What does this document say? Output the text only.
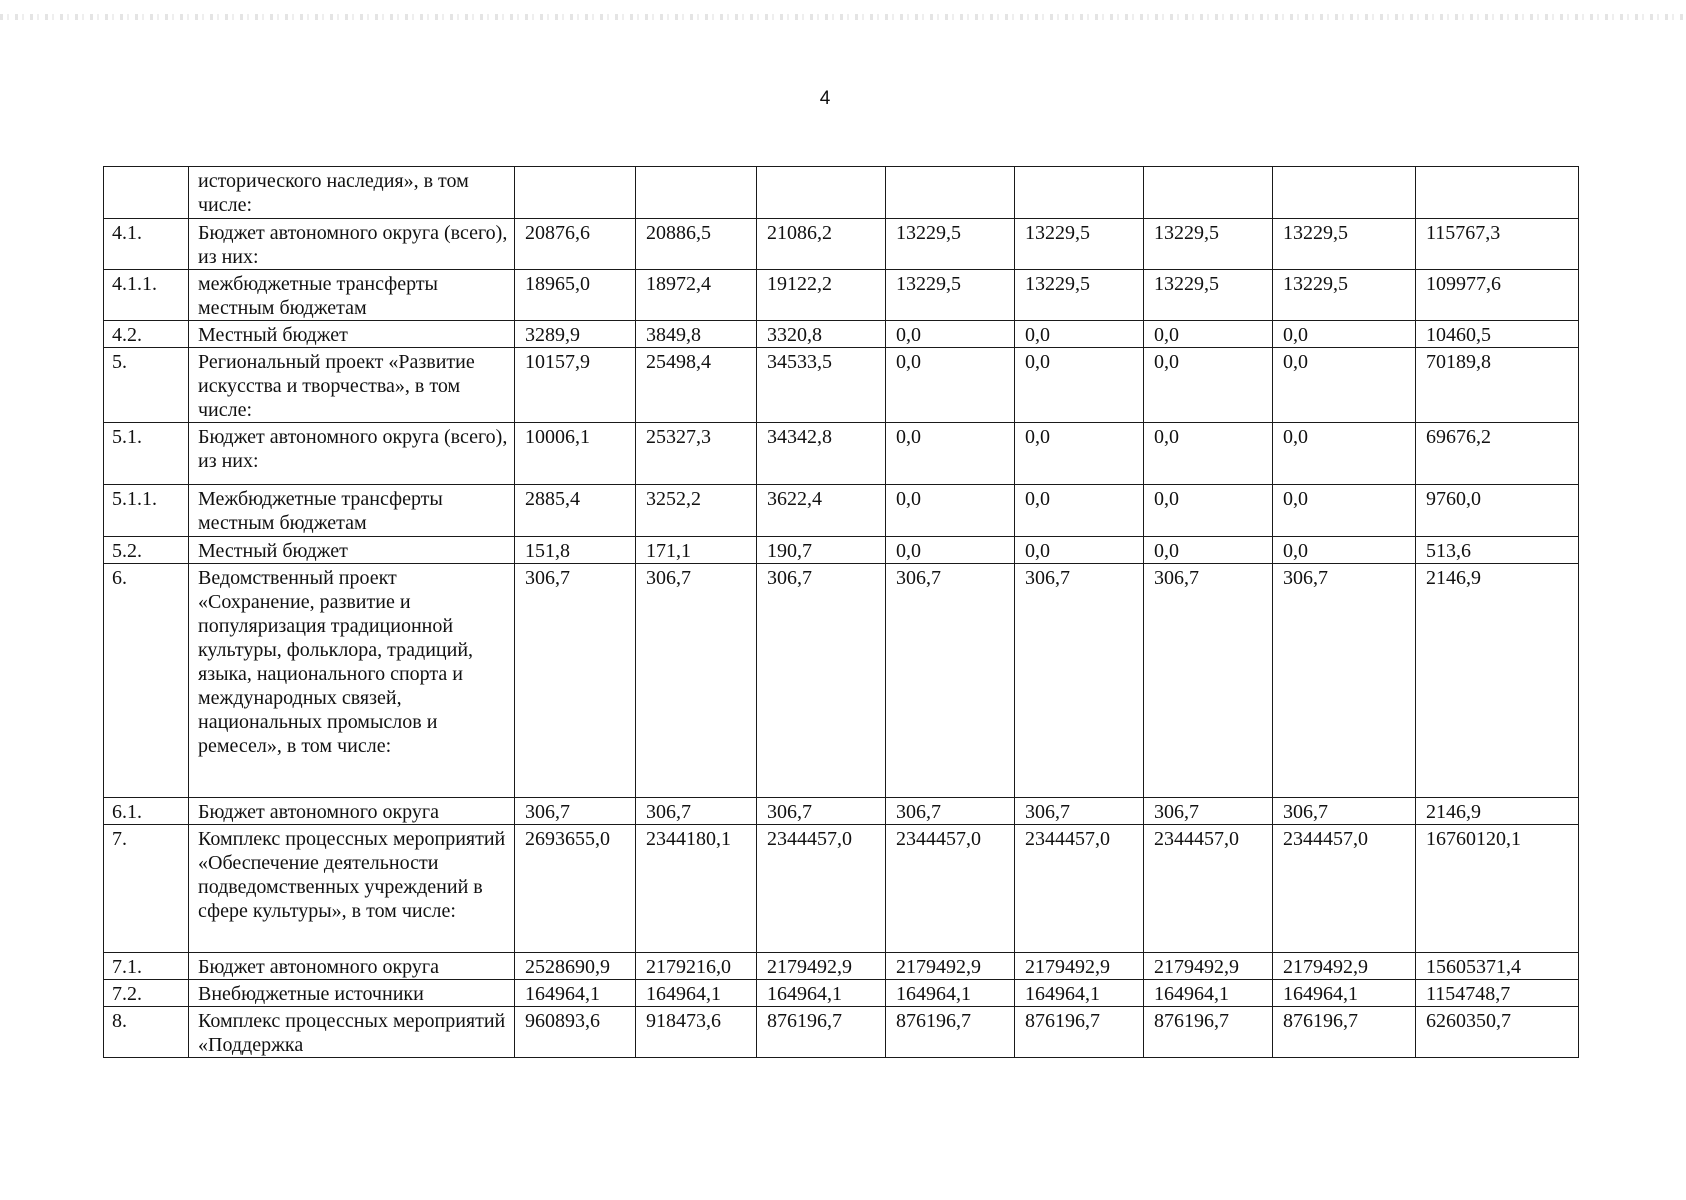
4
	исторического наследия», в том числе:								
4.1.	Бюджет автономного округа (всего), из них:	20876,6	20886,5	21086,2	13229,5	13229,5	13229,5	13229,5	115767,3
4.1.1.	межбюджетные трансферты местным бюджетам	18965,0	18972,4	19122,2	13229,5	13229,5	13229,5	13229,5	109977,6
4.2.	Местный бюджет	3289,9	3849,8	3320,8	0,0	0,0	0,0	0,0	10460,5
5.	Региональный проект «Развитие искусства и творчества», в том числе:	10157,9	25498,4	34533,5	0,0	0,0	0,0	0,0	70189,8
5.1.	Бюджет автономного округа (всего), из них:	10006,1	25327,3	34342,8	0,0	0,0	0,0	0,0	69676,2
5.1.1.	Межбюджетные трансферты местным бюджетам	2885,4	3252,2	3622,4	0,0	0,0	0,0	0,0	9760,0
5.2.	Местный бюджет	151,8	171,1	190,7	0,0	0,0	0,0	0,0	513,6
6.	Ведомственный проект «Сохранение, развитие и популяризация традиционной культуры, фольклора, традиций, языка, национального спорта и международных связей, национальных промыслов и ремесел», в том числе:	306,7	306,7	306,7	306,7	306,7	306,7	306,7	2146,9
6.1.	Бюджет автономного округа	306,7	306,7	306,7	306,7	306,7	306,7	306,7	2146,9
7.	Комплекс процессных мероприятий «Обеспечение деятельности подведомственных учреждений в сфере культуры», в том числе:	2693655,0	2344180,1	2344457,0	2344457,0	2344457,0	2344457,0	2344457,0	16760120,1
7.1.	Бюджет автономного округа	2528690,9	2179216,0	2179492,9	2179492,9	2179492,9	2179492,9	2179492,9	15605371,4
7.2.	Внебюджетные источники	164964,1	164964,1	164964,1	164964,1	164964,1	164964,1	164964,1	1154748,7
8.	Комплекс процессных мероприятий «Поддержка	960893,6	918473,6	876196,7	876196,7	876196,7	876196,7	876196,7	6260350,7
